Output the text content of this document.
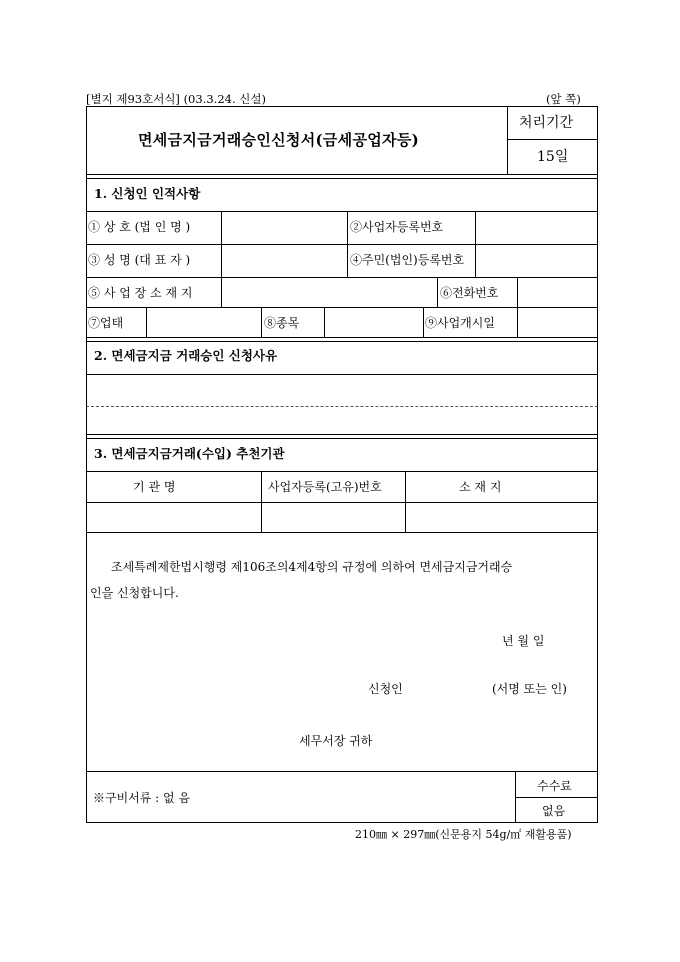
[별지 제93호서식] (03.3.24. 신설)	(앞 쪽)
면세금지금거래승인신청서(금세공업자등)
처리기간
15일
1. 신청인 인적사항
① 상 호 (법 인 명 )	②사업자등록번호
③ 성 명 (대 표 자 )	④주민(법인)등록번호
⑤ 사 업 장 소 재 지	⑥전화번호
⑦업태	⑧종목	⑨사업개시일
2. 면세금지금 거래승인 신청사유
3. 면세금지금거래(수입) 추천기관
기 관 명	사업자등록(고유)번호	소 재 지
조세특례제한법시행령 제106조의4제4항의 규정에 의하여 면세금지금거래승
인을 신청합니다.
년 월 일
신청인	(서명 또는 인)
세무서장 귀하
※구비서류 : 없 음
수수료
없음
210㎜ × 297㎜(신문용지 54g/㎡ 재활용품)
